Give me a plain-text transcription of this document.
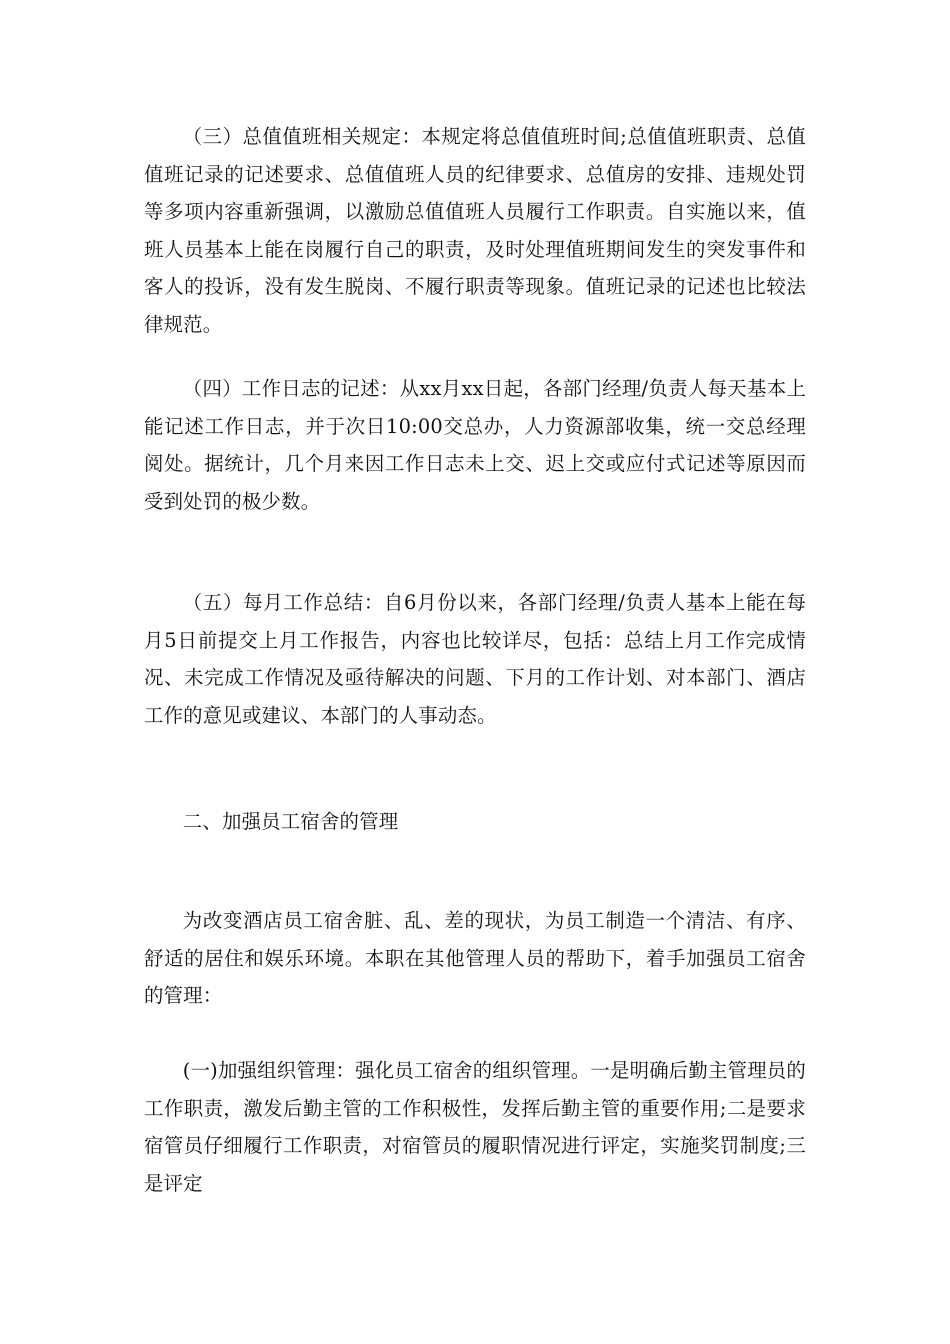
（三）总值值班相关规定：本规定将总值值班时间;总值值班职责、总值值班记录的记述要求、总值值班人员的纪律要求、总值房的安排、违规处罚等多项内容重新强调，以激励总值值班人员履行工作职责。自实施以来，值班人员基本上能在岗履行自己的职责，及时处理值班期间发生的突发事件和客人的投诉，没有发生脱岗、不履行职责等现象。值班记录的记述也比较法律规范。

（四）工作日志的记述：从xx月xx日起，各部门经理/负责人每天基本上能记述工作日志，并于次日10:00交总办，人力资源部收集，统一交总经理阅处。据统计，几个月来因工作日志未上交、迟上交或应付式记述等原因而受到处罚的极少数。

（五）每月工作总结：自6月份以来，各部门经理/负责人基本上能在每月5日前提交上月工作报告，内容也比较详尽，包括：总结上月工作完成情况、未完成工作情况及亟待解决的问题、下月的工作计划、对本部门、酒店工作的意见或建议、本部门的人事动态。

二、加强员工宿舍的管理

为改变酒店员工宿舍脏、乱、差的现状，为员工制造一个清洁、有序、舒适的居住和娱乐环境。本职在其他管理人员的帮助下，着手加强员工宿舍的管理：

(一)加强组织管理：强化员工宿舍的组织管理。一是明确后勤主管理员的工作职责，激发后勤主管的工作积极性，发挥后勤主管的重要作用;二是要求宿管员仔细履行工作职责，对宿管员的履职情况进行评定，实施奖罚制度;三是评定
